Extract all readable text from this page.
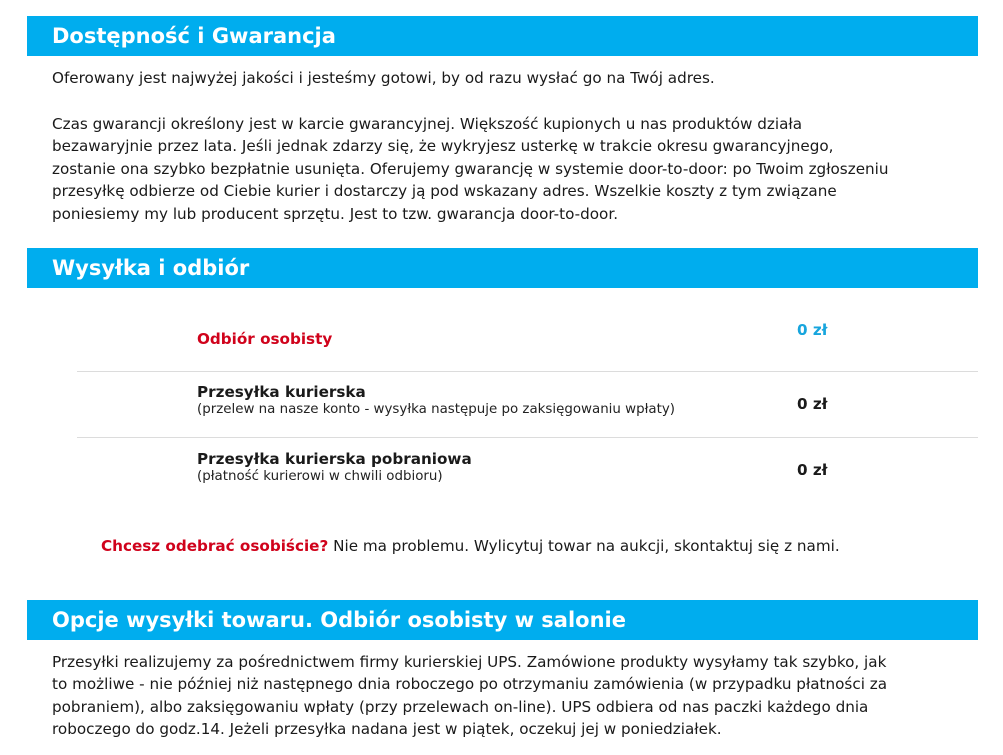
Dostępność i Gwarancja
Oferowany jest najwyżej jakości i jesteśmy gotowi, by od razu wysłać go na Twój adres.
Czas gwarancji określony jest w karcie gwarancyjnej. Większość kupionych u nas produktów działa
bezawaryjnie przez lata. Jeśli jednak zdarzy się, że wykryjesz usterkę w trakcie okresu gwarancyjnego,
zostanie ona szybko bezpłatnie usunięta. Oferujemy gwarancję w systemie door-to-door: po Twoim zgłoszeniu
przesyłkę odbierze od Ciebie kurier i dostarczy ją pod wskazany adres. Wszelkie koszty z tym związane
poniesiemy my lub producent sprzętu. Jest to tzw. gwarancja door-to-door.
Wysyłka i odbiór
Odbiór osobisty	0 zł
Przesyłka kurierska
(przelew na nasze konto - wysyłka następuje po zaksięgowaniu wpłaty)	0 zł
Przesyłka kurierska pobraniowa
(płatność kurierowi w chwili odbioru)	0 zł
Chcesz odebrać osobiście? Nie ma problemu. Wylicytuj towar na aukcji, skontaktuj się z nami.
Opcje wysyłki towaru. Odbiór osobisty w salonie
Przesyłki realizujemy za pośrednictwem firmy kurierskiej UPS. Zamówione produkty wysyłamy tak szybko, jak
to możliwe - nie później niż następnego dnia roboczego po otrzymaniu zamówienia (w przypadku płatności za
pobraniem), albo zaksięgowaniu wpłaty (przy przelewach on-line). UPS odbiera od nas paczki każdego dnia
roboczego do godz.14. Jeżeli przesyłka nadana jest w piątek, oczekuj jej w poniedziałek.
